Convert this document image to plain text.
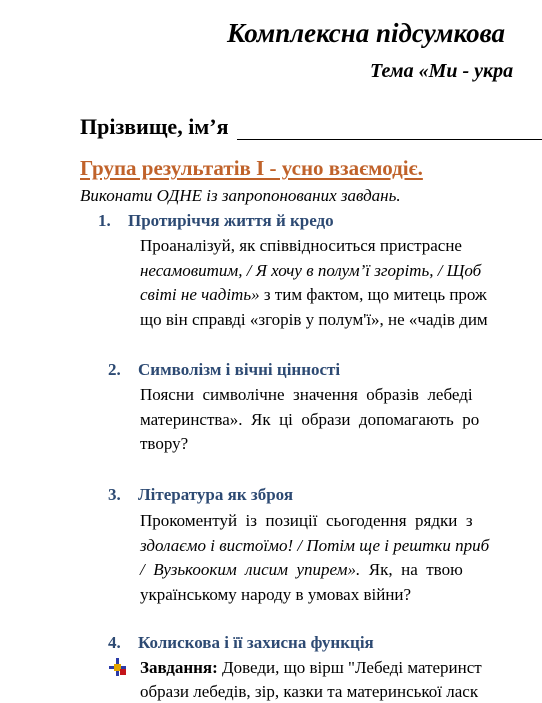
Комплексна підсумкова
Тема «Ми - укра
Прізвище, ім’я
Група результатів I - усно взаємодіє.
Виконати ОДНЕ із запропонованих завдань.
1. Протиріччя життя й кредо
Проаналізуй, як співвідноситься пристрасне
несамовитим, / Я хочу в полум’ї згоріть, / Щоб
світі не чадіть» з тим фактом, що митець прож
що він справді «згорів у полум'ї», не «чадів дим
2. Символізм і вічні цінності
Поясни  символічне  значення  образів  лебеді
материнства».  Як  ці  образи  допомагають  ро
твору?
3. Література як зброя
Прокоментуй  із  позиції  сьогодення  рядки  з
здолаємо і вистоїмо! / Потім ще і рештки приб
/  Вузькооким  лисим  упирем».  Як,  на  твою
українському народу в умовах війни?
4. Колискова і її захисна функція
Завдання: Доведи, що вірш "Лебеді материнст
образи лебедів, зір, казки та материнської ласк
